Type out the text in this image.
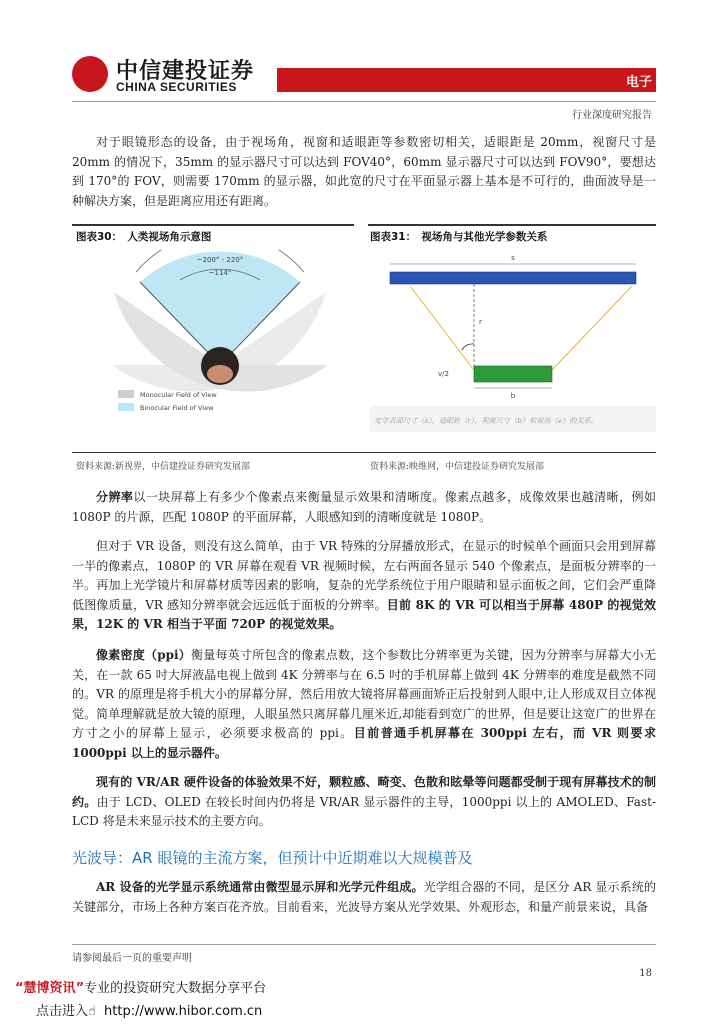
中信建投证券
CHINA SECURITIES	电子
行业深度研究报告
对于眼镜形态的设备，由于视场角，视窗和适眼距等参数密切相关，适眼距是 20mm，视窗尺寸是 20mm 的情况下，35mm 的显示器尺寸可以达到 FOV40°，60mm 显示器尺寸可以达到 FOV90°，要想达到 170°的 FOV，则需要 170mm 的显示器，如此宽的尺寸在平面显示器上基本是不可行的，曲面波导是一种解决方案，但是距离应用还有距离。
图表30：　人类视场角示意图	图表31：　视场角与其他光学参数关系
~200° - 220°
~114°
Monocular Field of View
Binocular Field of View
s
r
v/2
b
光学表面尺寸（s），适眼距（r），视窗尺寸（b）和视场（v）的关系。
资料来源:新视界，中信建投证券研究发展部	资料来源:映维网，中信建投证券研究发展部
分辨率以一块屏幕上有多少个像素点来衡量显示效果和清晰度。像素点越多，成像效果也越清晰，例如 1080P 的片源，匹配 1080P 的平面屏幕，人眼感知到的清晰度就是 1080P。
但对于 VR 设备，则没有这么简单，由于 VR 特殊的分屏播放形式，在显示的时候单个画面只会用到屏幕一半的像素点，1080P 的 VR 屏幕在观看 VR 视频时候，左右两面各显示 540 个像素点，是面板分辨率的一半。再加上光学镜片和屏幕材质等因素的影响，复杂的光学系统位于用户眼睛和显示面板之间，它们会严重降低图像质量，VR 感知分辨率就会远远低于面板的分辨率。目前 8K 的 VR 可以相当于屏幕 480P 的视觉效果，12K 的 VR 相当于平面 720P 的视觉效果。
像素密度（ppi）衡量每英寸所包含的像素点数，这个参数比分辨率更为关键，因为分辨率与屏幕大小无关，在一款 65 吋大屏液晶电视上做到 4K 分辨率与在 6.5 吋的手机屏幕上做到 4K 分辨率的难度是截然不同的。VR 的原理是将手机大小的屏幕分屏，然后用放大镜将屏幕画面矫正后投射到人眼中,让人形成双目立体视觉。简单理解就是放大镜的原理，人眼虽然只离屏幕几厘米近,却能看到宽广的世界，但是要让这宽广的世界在方寸之小的屏幕上显示，必须要求极高的 ppi。目前普通手机屏幕在 300ppi 左右，而 VR 则要求 1000ppi 以上的显示器件。
现有的 VR/AR 硬件设备的体验效果不好，颗粒感、畸变、色散和眩晕等问题都受制于现有屏幕技术的制约。由于 LCD、OLED 在较长时间内仍将是 VR/AR 显示器件的主导，1000ppi 以上的 AMOLED、Fast-LCD 将是未来显示技术的主要方向。
光波导：AR 眼镜的主流方案，但预计中近期难以大规模普及
AR 设备的光学显示系统通常由微型显示屏和光学元件组成。光学组合器的不同，是区分 AR 显示系统的关键部分，市场上各种方案百花齐放。目前看来，光波导方案从光学效果、外观形态，和量产前景来说，具备
请参阅最后一页的重要声明
18
“慧博资讯”专业的投资研究大数据分享平台
点击进入☝ http://www.hibor.com.cn
